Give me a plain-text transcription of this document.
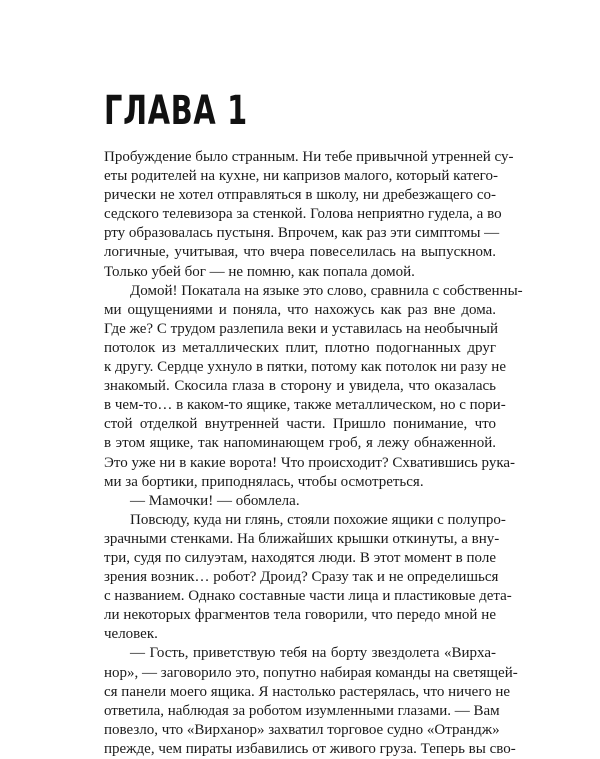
ГЛАВА 1
Пробуждение было странным. Ни тебе привычной утренней су-
еты родителей на кухне, ни капризов малого, который катего-
рически не хотел отправляться в школу, ни дребезжащего со-
седского телевизора за стенкой. Голова неприятно гудела, а во
рту образовалась пустыня. Впрочем, как раз эти симптомы —
логичные, учитывая, что вчера повеселилась на выпускном.
Только убей бог — не помню, как попала домой.
Домой! Покатала на языке это слово, сравнила с собственны-
ми ощущениями и поняла, что нахожусь как раз вне дома.
Где же? С трудом разлепила веки и уставилась на необычный
потолок из металлических плит, плотно подогнанных друг
к другу. Сердце ухнуло в пятки, потому как потолок ни разу не
знакомый. Скосила глаза в сторону и увидела, что оказалась
в чем-то… в каком-то ящике, также металлическом, но с пори-
стой отделкой внутренней части. Пришло понимание, что
в этом ящике, так напоминающем гроб, я лежу обнаженной.
Это уже ни в какие ворота! Что происходит? Схватившись рука-
ми за бортики, приподнялась, чтобы осмотреться.
— Мамочки! — обомлела.
Повсюду, куда ни глянь, стояли похожие ящики с полупро-
зрачными стенками. На ближайших крышки откинуты, а вну-
три, судя по силуэтам, находятся люди. В этот момент в поле
зрения возник… робот? Дроид? Сразу так и не определишься
с названием. Однако составные части лица и пластиковые дета-
ли некоторых фрагментов тела говорили, что передо мной не
человек.
— Гость, приветствую тебя на борту звездолета «Вирха-
нор», — заговорило это, попутно набирая команды на светящей-
ся панели моего ящика. Я настолько растерялась, что ничего не
ответила, наблюдая за роботом изумленными глазами. — Вам
повезло, что «Вирханор» захватил торговое судно «Отрандж»
прежде, чем пираты избавились от живого груза. Теперь вы сво-
